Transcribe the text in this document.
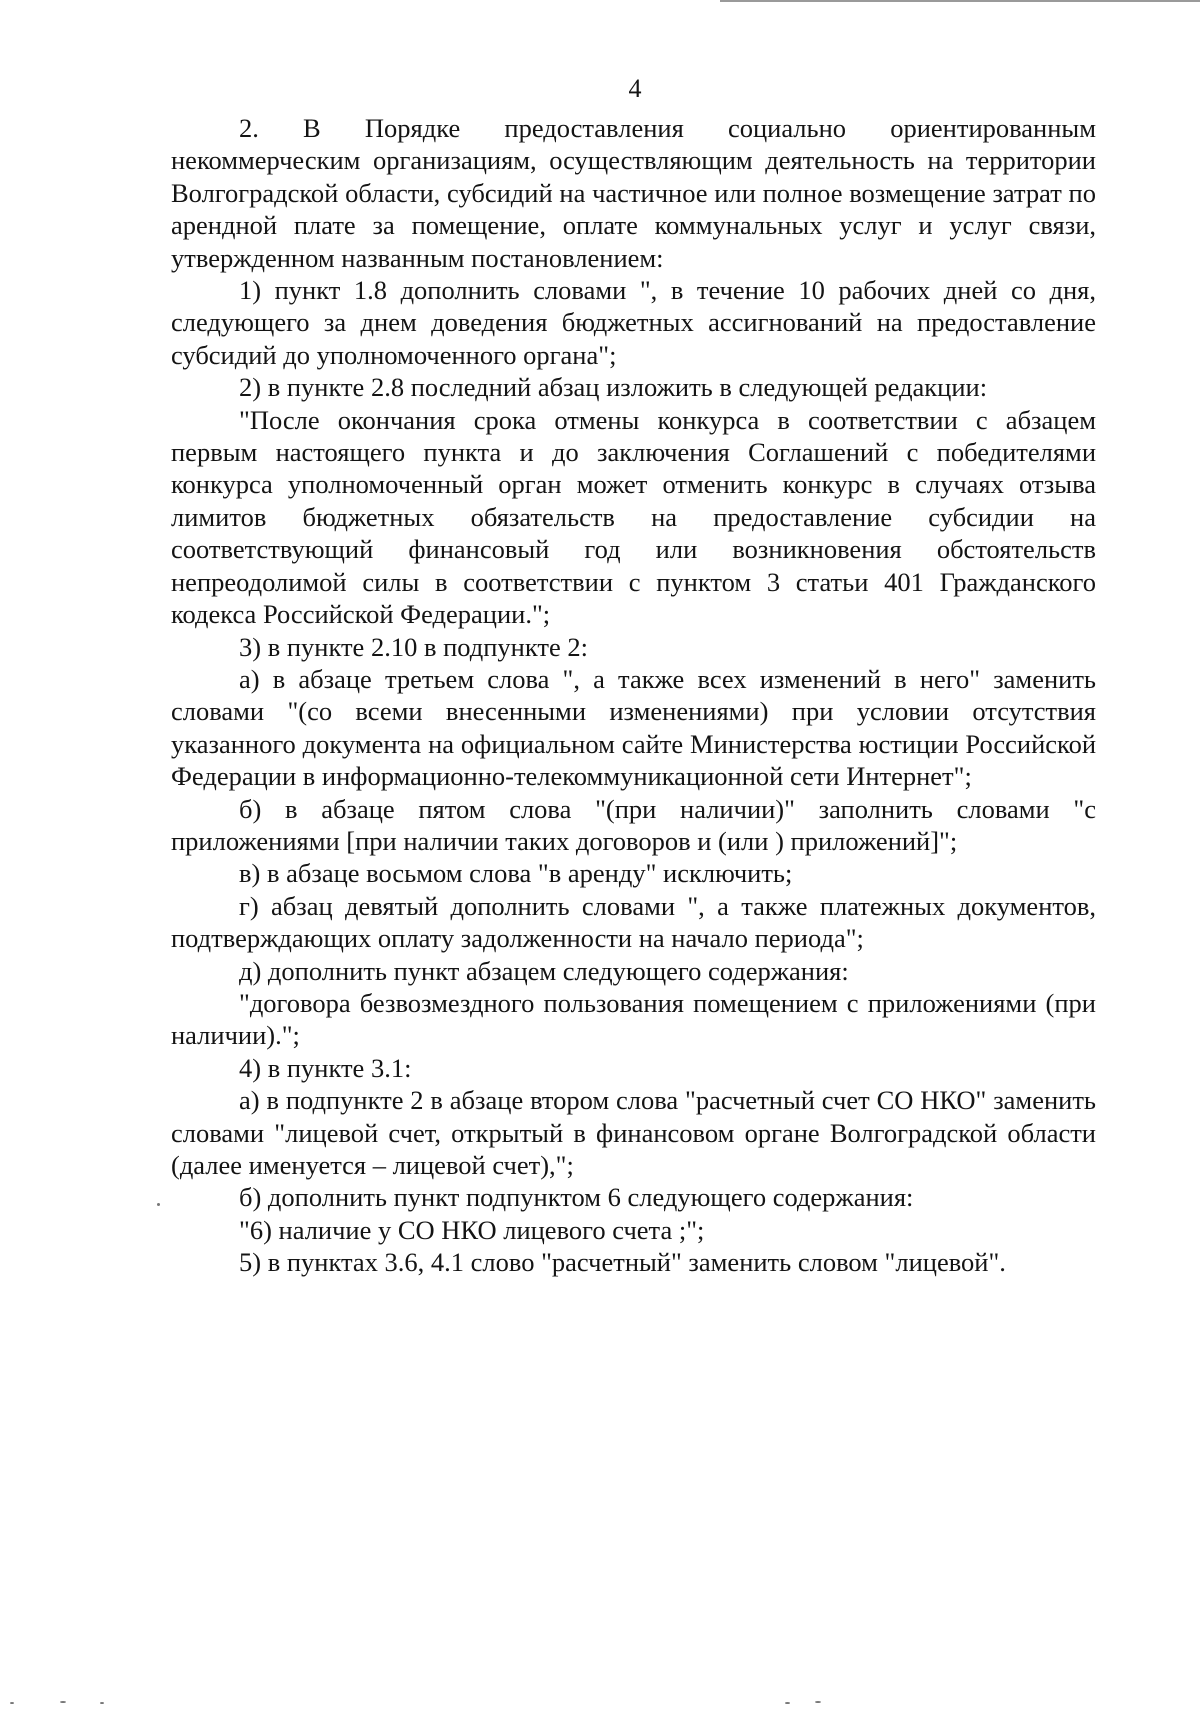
4

2. В Порядке предоставления социально ориентированным некоммерческим организациям, осуществляющим деятельность на территории Волгоградской области, субсидий на частичное или полное возмещение затрат по арендной плате за помещение, оплате коммунальных услуг и услуг связи, утвержденном названным постановлением:

1) пункт 1.8 дополнить словами ", в течение 10 рабочих дней со дня, следующего за днем доведения бюджетных ассигнований на предоставление субсидий до уполномоченного органа";

2) в пункте 2.8 последний абзац изложить в следующей редакции:

"После окончания срока отмены конкурса в соответствии с абзацем первым настоящего пункта и до заключения Соглашений с победителями конкурса уполномоченный орган может отменить конкурс в случаях отзыва лимитов бюджетных обязательств на предоставление субсидии на соответствующий финансовый год или возникновения обстоятельств непреодолимой силы в соответствии с пунктом 3 статьи 401 Гражданского кодекса Российской Федерации.";

3) в пункте 2.10 в подпункте 2:

а) в абзаце третьем слова ", а также всех изменений в него" заменить словами "(со всеми внесенными изменениями) при условии отсутствия указанного документа на официальном сайте Министерства юстиции Российской Федерации в информационно-телекоммуникационной сети Интернет";

б) в абзаце пятом слова "(при наличии)" заполнить словами "с приложениями [при наличии таких договоров и (или ) приложений]";

в) в абзаце восьмом слова "в аренду" исключить;

г) абзац девятый дополнить словами ", а также платежных документов, подтверждающих оплату задолженности на начало периода";

д) дополнить пункт абзацем следующего содержания:

"договора безвозмездного пользования помещением с приложениями (при наличии).";

4) в пункте 3.1:

а) в подпункте 2 в абзаце втором слова "расчетный счет СО НКО" заменить словами "лицевой счет, открытый в финансовом органе Волгоградской области (далее именуется – лицевой счет),";

б) дополнить пункт подпунктом 6 следующего содержания:

"6) наличие у СО НКО лицевого счета ;";

5) в пунктах 3.6, 4.1 слово "расчетный" заменить словом "лицевой".
